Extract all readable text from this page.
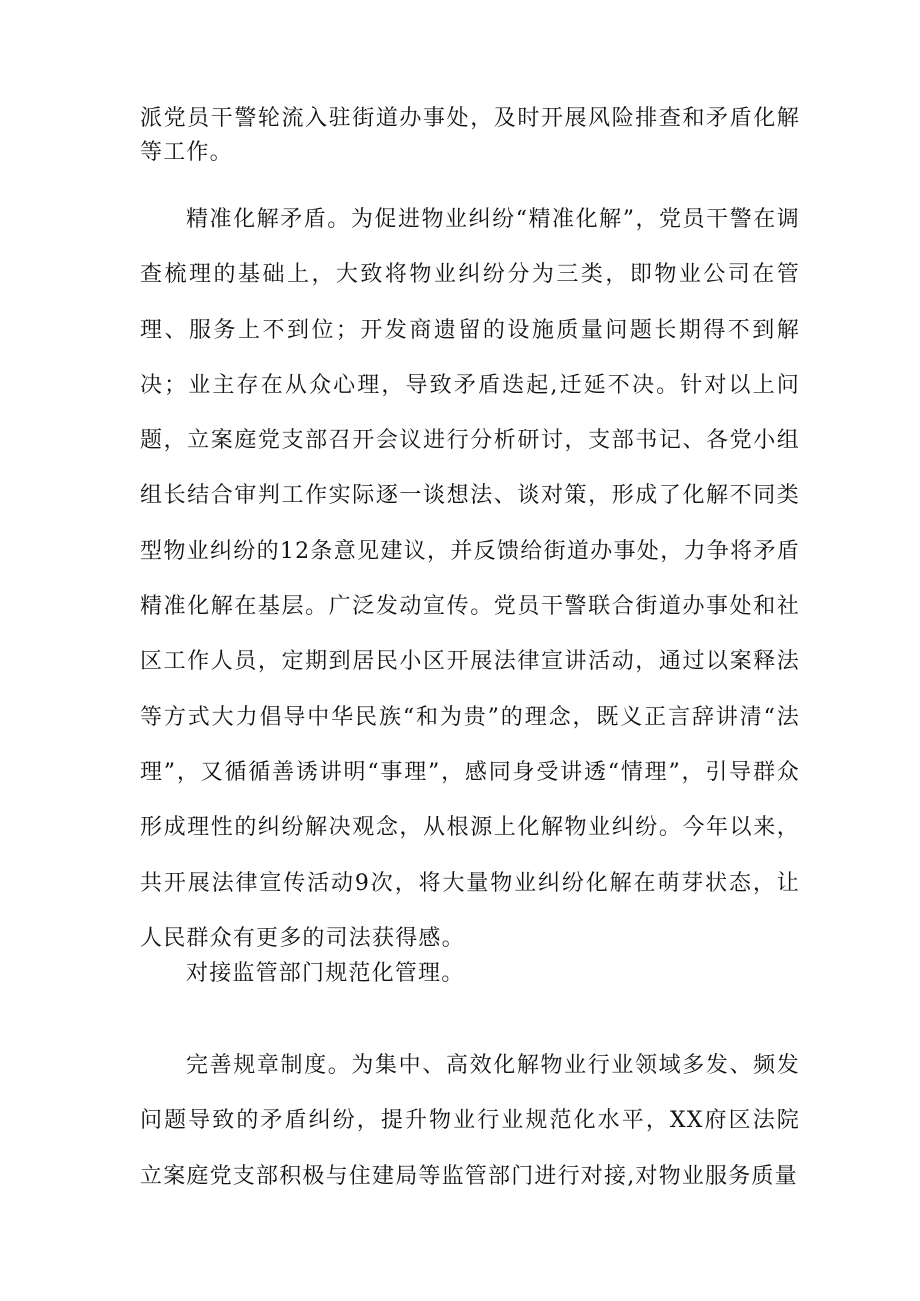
派党员干警轮流入驻街道办事处，及时开展风险排查和矛盾化解等工作。

精准化解矛盾。为促进物业纠纷“精准化解”，党员干警在调查梳理的基础上，大致将物业纠纷分为三类，即物业公司在管理、服务上不到位；开发商遗留的设施质量问题长期得不到解决；业主存在从众心理，导致矛盾迭起,迁延不决。针对以上问题，立案庭党支部召开会议进行分析研讨，支部书记、各党小组组长结合审判工作实际逐一谈想法、谈对策，形成了化解不同类型物业纠纷的12条意见建议，并反馈给街道办事处，力争将矛盾精准化解在基层。广泛发动宣传。党员干警联合街道办事处和社区工作人员，定期到居民小区开展法律宣讲活动，通过以案释法等方式大力倡导中华民族“和为贵”的理念，既义正言辞讲清“法理”，又循循善诱讲明“事理”，感同身受讲透“情理”，引导群众形成理性的纠纷解决观念，从根源上化解物业纠纷。今年以来，共开展法律宣传活动9次，将大量物业纠纷化解在萌芽状态，让人民群众有更多的司法获得感。

对接监管部门规范化管理。

完善规章制度。为集中、高效化解物业行业领域多发、频发问题导致的矛盾纠纷，提升物业行业规范化水平，XX府区法院立案庭党支部积极与住建局等监管部门进行对接,对物业服务质量
